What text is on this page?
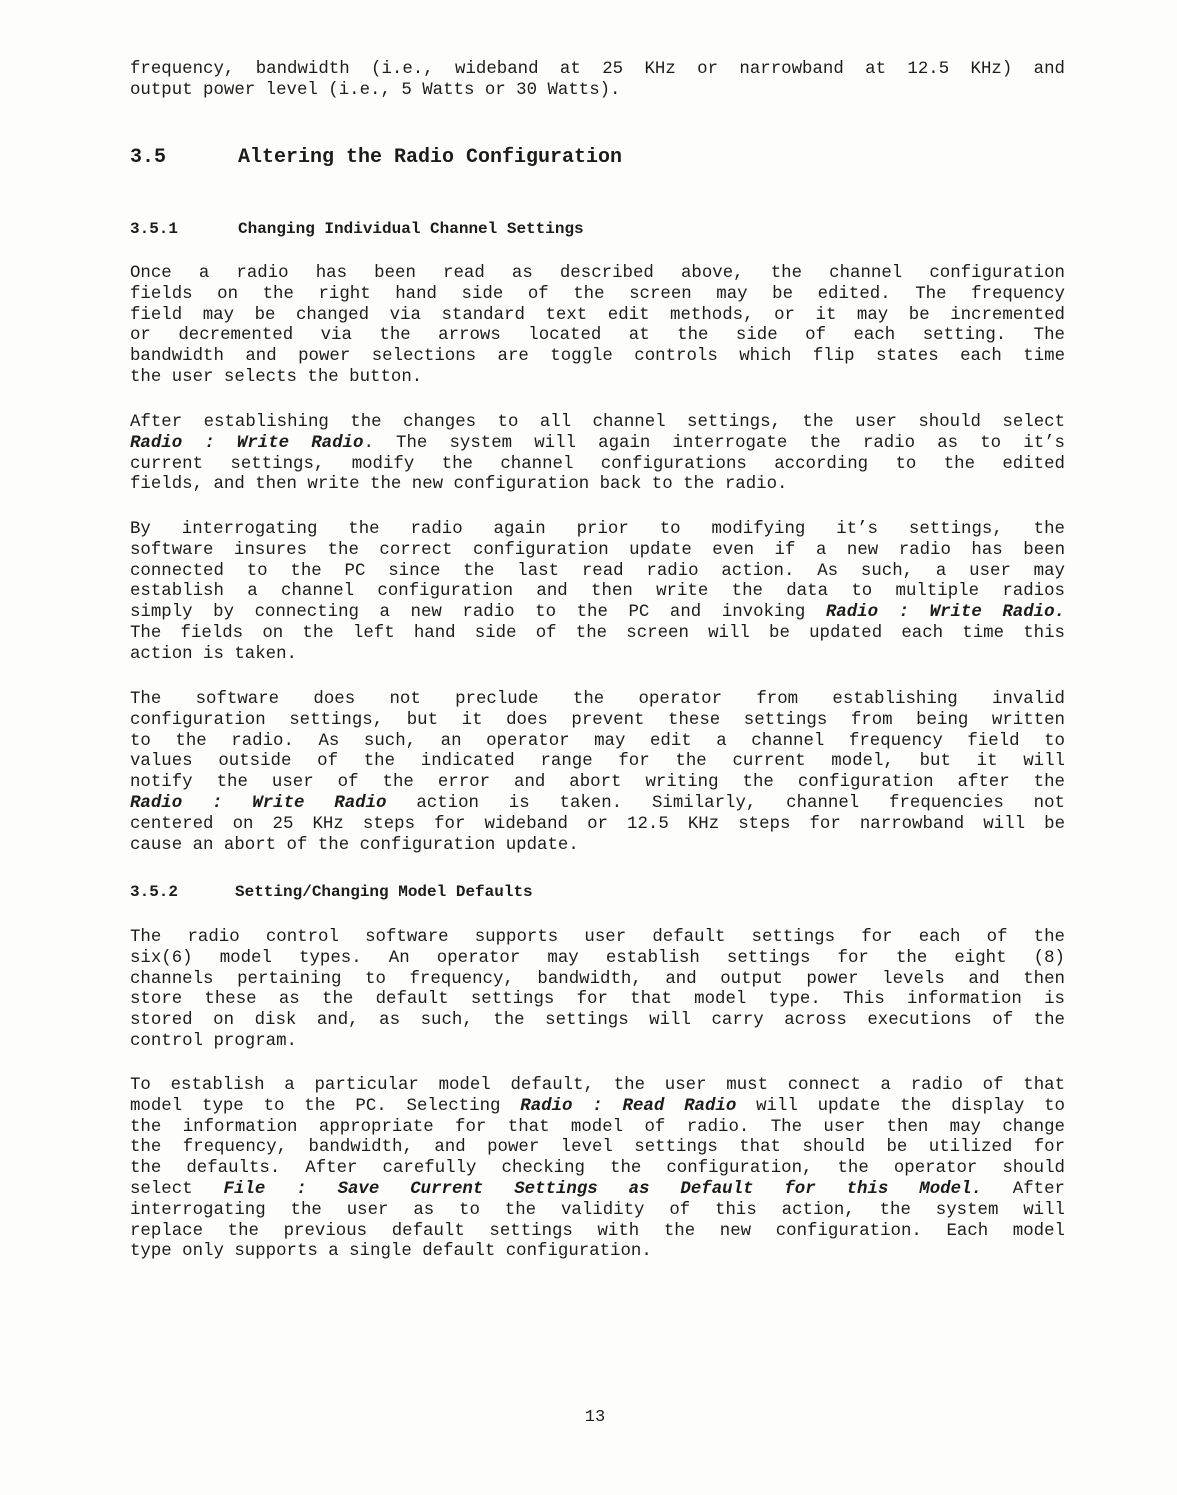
frequency, bandwidth (i.e., wideband at 25 KHz or narrowband at 12.5 KHz) and
output power level (i.e., 5 Watts or 30 Watts).
3.5	Altering the Radio Configuration
3.5.1	Changing Individual Channel Settings
Once a radio has been read as described above, the channel configuration
fields on the right hand side of the screen may be edited. The frequency
field may be changed via standard text edit methods, or it may be incremented
or decremented via the arrows located at the side of each setting. The
bandwidth and power selections are toggle controls which flip states each time
the user selects the button.
After establishing the changes to all channel settings, the user should select
Radio : Write Radio. The system will again interrogate the radio as to it’s
current settings, modify the channel configurations according to the edited
fields, and then write the new configuration back to the radio.
By interrogating the radio again prior to modifying it’s settings, the
software insures the correct configuration update even if a new radio has been
connected to the PC since the last read radio action. As such, a user may
establish a channel configuration and then write the data to multiple radios
simply by connecting a new radio to the PC and invoking Radio : Write Radio.
The fields on the left hand side of the screen will be updated each time this
action is taken.
The software does not preclude the operator from establishing invalid
configuration settings, but it does prevent these settings from being written
to the radio. As such, an operator may edit a channel frequency field to
values outside of the indicated range for the current model, but it will
notify the user of the error and abort writing the configuration after the
Radio : Write Radio action is taken. Similarly, channel frequencies not
centered on 25 KHz steps for wideband or 12.5 KHz steps for narrowband will be
cause an abort of the configuration update.
3.5.2	Setting/Changing Model Defaults
The radio control software supports user default settings for each of the
six(6) model types. An operator may establish settings for the eight (8)
channels pertaining to frequency, bandwidth, and output power levels and then
store these as the default settings for that model type. This information is
stored on disk and, as such, the settings will carry across executions of the
control program.
To establish a particular model default, the user must connect a radio of that
model type to the PC. Selecting Radio : Read Radio will update the display to
the information appropriate for that model of radio. The user then may change
the frequency, bandwidth, and power level settings that should be utilized for
the defaults. After carefully checking the configuration, the operator should
select File : Save Current Settings as Default for this Model. After
interrogating the user as to the validity of this action, the system will
replace the previous default settings with the new configuration. Each model
type only supports a single default configuration.
13
